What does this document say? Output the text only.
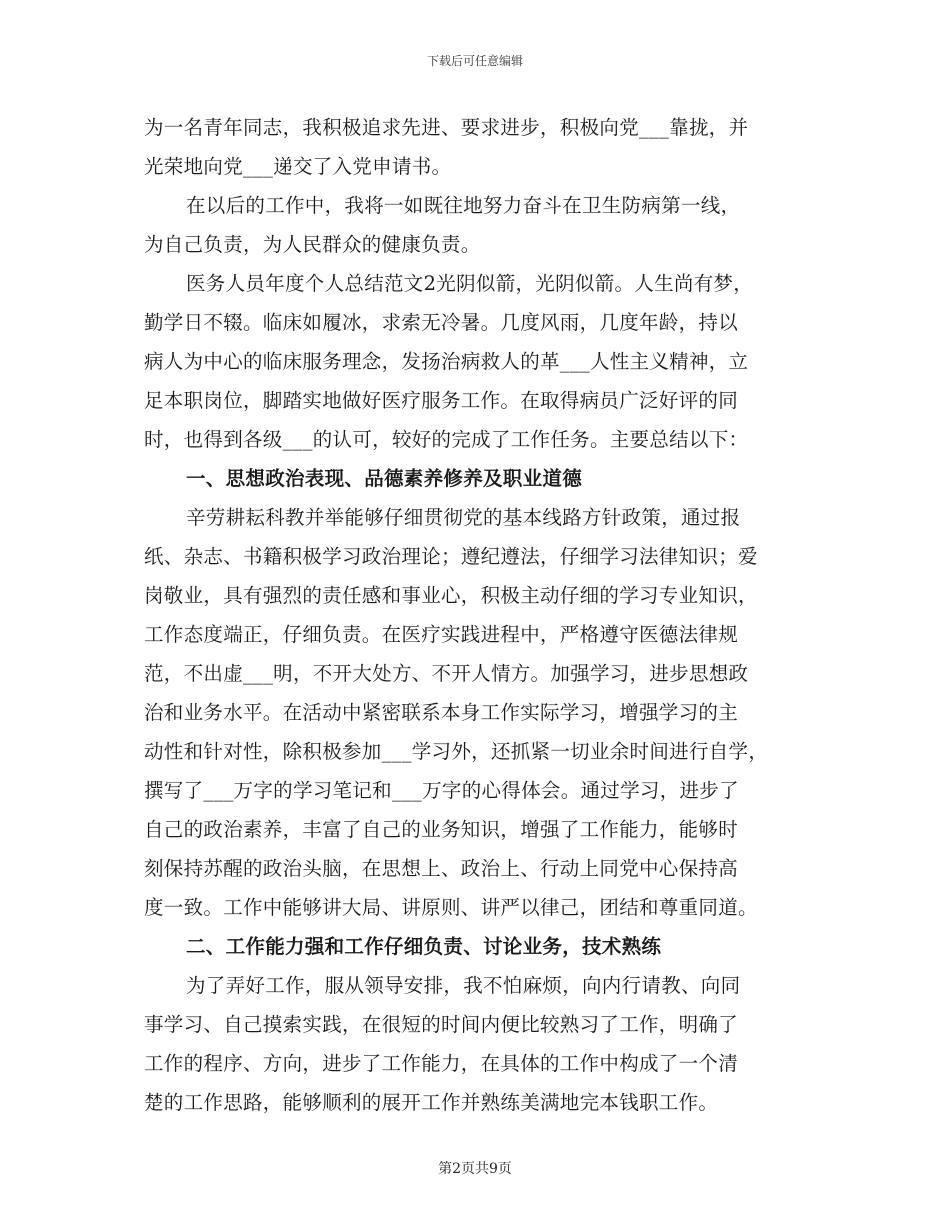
下载后可任意编辑
为一名青年同志，我积极追求先进、要求进步，积极向党___靠拢，并
光荣地向党___递交了入党申请书。
在以后的工作中，我将一如既往地努力奋斗在卫生防病第一线，
为自己负责，为人民群众的健康负责。
医务人员年度个人总结范文2光阴似箭，光阴似箭。人生尚有梦，
勤学日不辍。临床如履冰，求索无冷暑。几度风雨，几度年龄，持以
病人为中心的临床服务理念，发扬治病救人的革___人性主义精神，立
足本职岗位，脚踏实地做好医疗服务工作。在取得病员广泛好评的同
时，也得到各级___的认可，较好的完成了工作任务。主要总结以下：
一、思想政治表现、品德素养修养及职业道德
辛劳耕耘科教并举能够仔细贯彻党的基本线路方针政策，通过报
纸、杂志、书籍积极学习政治理论；遵纪遵法，仔细学习法律知识；爱
岗敬业，具有强烈的责任感和事业心，积极主动仔细的学习专业知识，
工作态度端正，仔细负责。在医疗实践进程中，严格遵守医德法律规
范，不出虚___明，不开大处方、不开人情方。加强学习，进步思想政
治和业务水平。在活动中紧密联系本身工作实际学习，增强学习的主
动性和针对性，除积极参加___学习外，还抓紧一切业余时间进行自学，
撰写了___万字的学习笔记和___万字的心得体会。通过学习，进步了
自己的政治素养，丰富了自己的业务知识，增强了工作能力，能够时
刻保持苏醒的政治头脑，在思想上、政治上、行动上同党中心保持高
度一致。工作中能够讲大局、讲原则、讲严以律己，团结和尊重同道。
二、工作能力强和工作仔细负责、讨论业务，技术熟练
为了弄好工作，服从领导安排，我不怕麻烦，向内行请教、向同
事学习、自己摸索实践，在很短的时间内便比较熟习了工作，明确了
工作的程序、方向，进步了工作能力，在具体的工作中构成了一个清
楚的工作思路，能够顺利的展开工作并熟练美满地完本钱职工作。
第2页共9页
